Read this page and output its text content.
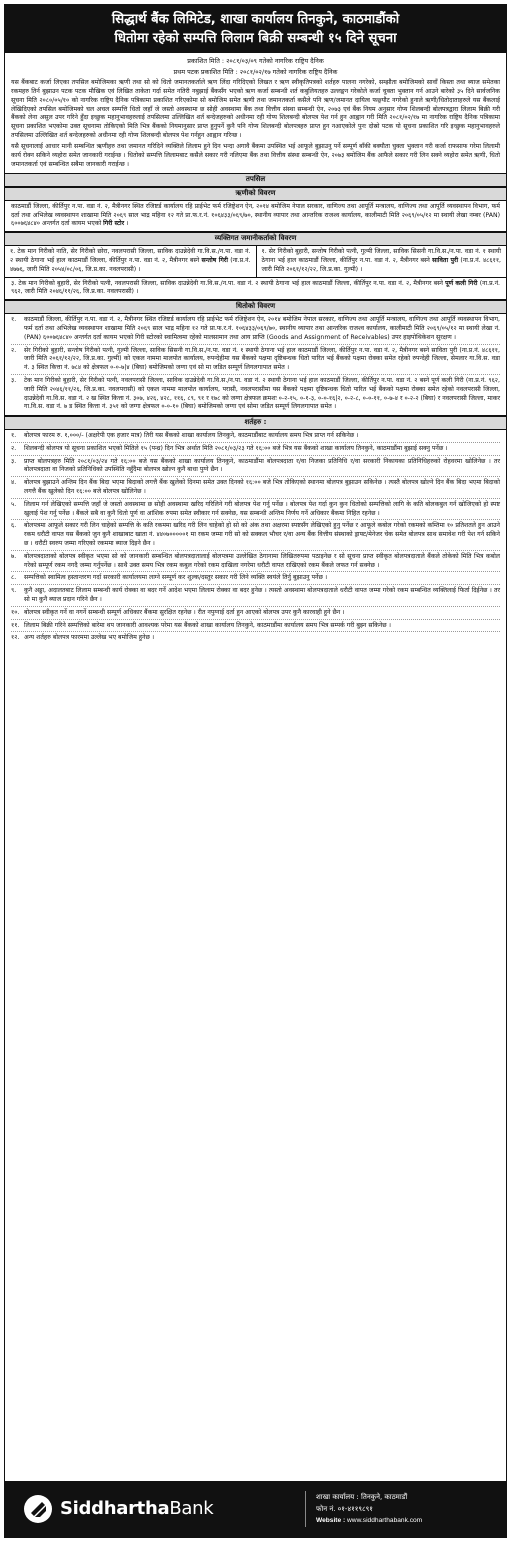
सिद्धार्थ बैंक लिमिटेड, शाखा कार्यालय तिनकुने, काठमाडौंको
धितोमा रहेको सम्पत्ति लिलाम बिक्री सम्बन्धी १५ दिने सूचना
प्रकाशित मिति : २०८१/०३/०९ गतेको नागरिक राष्ट्रिय दैनिक
प्रथम पटक प्रकाशित मिति : २०८१/०२/१७ गतेको नागरिक राष्ट्रिय दैनिक

यस बैंकबाट कर्जा लिएका तपसिल बमोजिमका ऋणी तथा सो को धितो जमानतकर्ताले ऋण लिंदा गरिदिएको लिखत र ऋण स्वीकृतिपत्रको शर्तहरु पालना नगरेको, सम्झौता बमोजिमको सावाँ किस्ता तथा ब्याज समेतका रकमहरु तिर्न बुझाउन पटक पटक मौखिक एवं लिखित ताकेता गर्दा समेत नतिरी नबुझाई बैंकसँग भएको ऋण कर्जा सम्बन्धी शर्त कबुलियतहरु उल्लङ्घन गरेकोले कर्जा चुक्ता भुक्तान गर्न आउने बारेको ३५ दिने सार्वजनिक सूचना मिति २०८०/०५/१० को नागरिक राष्ट्रिय दैनिक पत्रिकामा प्रकाशित गरिएकोमा सो बमोजिम समेत ऋणी तथा जमानतकर्ता कसैले पनि ऋण/जमानत दायित्व फछ्र्यौट नगरेको हुनाले ऋणी/धितोदाताहरुले यस बैंकलाई लेखिदिएको तपसिल बमोजिमको चल अचल सम्पत्ति धितो जहाँ जे जस्तो अवस्थामा छ सोही अवस्थामा बैंक तथा वित्तीय संस्था सम्बन्धी ऐन, २०७३ एवं बैंक नियम अनुसार गोप्य शिलबन्दी बोलपत्रद्वारा लिलाम बिक्री गरी बैंकको लेना असुल उपर गरिने हुँदा इच्छुक महानुभावहरुलाई तपसिलमा उल्लिखित शर्त बन्देजहरुको अधीनमा रही गोप्य शिलबन्दी बोलपत्र पेश गर्न हुन आह्वान गरी मिति २०८१/०२/१७ मा नागरिक राष्ट्रिय दैनिक पत्रिकामा सूचना प्रकाशित भएकोमा उक्त सूचनामा तोकिएको मिति भित्र बैंकको नियमानुसार प्राप्त हुनुपर्ने कुनै पनि गोप्य शिलबन्दी बोलपत्रहरु प्राप्त हुन नआएकोले पुनः दोस्रो पटक यो सूचना प्रकाशित गरि इच्छुक महानुभावहरुले तपसिलमा उल्लिखित शर्त बन्देजहरुको अधीनमा रही गोप्य शिलबन्दी बोलपत्र पेश गर्नहुन आह्वान गरिन्छ ।

यसै सूचनालाई आधार मानी सम्बन्धित ऋणीहरु तथा जमानत गरिदिने व्यक्तिले लिलाम हुने दिन भन्दा अगावै बैंकमा उपस्थित भई आफूले बुझाउनु पर्ने सम्पूर्ण बाँकी बक्यौता चुक्ता भुक्तान गरी कर्जा राफसाफ गरेमा लिलामी कार्य रोक्न सकिने व्यहोरा समेत जानकारी गराईन्छ । धितोको सम्पत्ति लिलामबाट कसैले सकार गरी नलिएमा बैंक तथा वित्तीय संस्था सम्बन्धी ऐन, २०७३ बमोजिम बैंक आफैले सकार गरी लिन सक्ने व्यहोरा समेत ऋणी, धितो जमानतकर्ता एवं सम्बन्धित सबैमा जानकारी गराईन्छ ।

तपसिल
ऋणीको विवरण
काठमाडौं जिल्ला, कीर्तिपुर न.पा. वडा नं. २, मैत्रीनगर स्थित रजिष्टर्ड कार्यालय रहि प्राईभेट फर्म रजिष्ट्रेशन ऐन, २०१४ बमोजिम नेपाल सरकार, वाणिज्य तथा आपूर्ति मन्त्रालय, वाणिज्य तथा आपूर्ति व्यवस्थापन विभाग, फर्म दर्ता तथा अभिलेख व्यवस्थापन शाखामा मिति २०६९ साल भाद्र महिना १२ गते प्रा.फ.र.नं. १०६४३३/०६९/७०, स्थानीय व्यापार तथा आन्तरिक राजश्व कार्यालय, कालीमाटी मिति २०६९/०५/१२ मा स्थायी लेखा नम्बर (PAN) ६००७६४८४० अन्तर्गत दर्ता कायम भएको गिरी स्टोर ।
व्यक्तिगत जमानीकर्ताको विवरण
१. टेक मान गिरीको नाति, सेर गिरीको छोरा, नवलपरासी जिल्ला, साविक दाउन्नेदेवी गा.वि.स./न.पा. वडा नं. २ स्थायी ठेगाना भई हाल काठमाडौं जिल्ला, कीर्तिपुर न.पा. वडा नं. २, मैत्रीनगर बस्ने सन्तोष गिरी (ना.प्र.नं. ४७७६, जारी मिति २०५४/०८/०६, जि.प्र.का. नवलपरासी) ।
१. सेर गिरीको बुहारी, सन्तोष गिरीको पत्नी, गुल्मी जिल्ला, साविक सिसनी गा.वि.स./न.पा. वडा नं. १ स्थायी ठेगाना भई हाल काठमाडौं जिल्ला, कीर्तिपुर न.पा. वडा नं. २, मैत्रीनगर बस्ने साविता पुरी (ना.प्र.नं. ४८६११, जारी मिति २०६१/१२/२२, जि.प्र.का. गुल्मी) ।
३. टेक मान गिरीको बुहारी, सेर गिरीको पत्नी, नवलपरासी जिल्ला, साविक दाउन्नेदेवी गा.वि.स./न.पा. वडा नं. २ स्थायी ठेगाना भई हाल काठमाडौं जिल्ला, कीर्तिपुर न.पा. वडा नं. २, मैत्रीनगर बस्ने पूर्ण कली गिरी (ना.प्र.नं. ९६२, जारी मिति २०४६/११/२६, जि.प्र.का. नवलपरासी) ।
धितोको विवरण
१. काठमाडौं जिल्ला, कीर्तिपुर न.पा. वडा नं. २, मैत्रीनगर स्थित रजिष्टर्ड कार्यालय रहि प्राईभेट फर्म रजिष्ट्रेशन ऐन, २०१४ बमोजिम नेपाल सरकार, वाणिज्य तथा आपूर्ति मन्त्रालय, वाणिज्य तथा आपूर्ति व्यवस्थापन विभाग, फर्म दर्ता तथा अभिलेख व्यवस्थापन शाखामा मिति २०६९ साल भाद्र महिना १२ गते प्रा.फ.र.नं. १०६४३३/०६९/७०, स्थानीय व्यापार तथा आन्तरिक राजश्व कार्यालय, कालीमाटी मिति २०६९/०५/१२ मा स्थायी लेखा नं. (PAN) ६००७६४८४० अन्तर्गत दर्ता कायम भएको गिरी स्टोरको स्वामित्वमा रहेको मालसामान तथा आय प्राप्ति (Goods and Assignment of Receivables) उपर हाइपोथिकेशन सुरक्षण ।
२. सेर गिरीको बुहारी, सन्तोष गिरीको पत्नी, गुल्मी जिल्ला, साविक सिसनी गा.वि.स./न.पा. वडा नं. १ स्थायी ठेगाना भई हाल काठमाडौं जिल्ला, कीर्तिपुर न.पा. वडा नं. २, मैत्रीनगर बस्ने साविता पुरी (ना.प्र.नं. ४८६११, जारी मिति २०६१/१२/२२, जि.प्र.का. गुल्मी) को एकल नाममा मालपोत कार्यालय, रुपन्देहीमा यस बैंकको पक्षमा दृष्टिबन्धक धितो पारित भई बैंकको पक्षमा रोक्का समेत रहेको रुपन्देही जिल्ला, सेमलार गा.वि.स. वडा नं. ३ स्थित कित्ता नं. ७८४ को क्षेत्रफल ०-०-७|४ (बिघा) बमोजिमको जग्गा एवं सो मा जडित सम्पूर्ण लिगलगापात समेत ।
३. टेक मान गिरीको बुहारी, सेर गिरीको पत्नी, नवलपरासी जिल्ला, साविक दाउन्नेदेवी गा.वि.स./न.पा. वडा नं. २ स्थायी ठेगाना भई हाल काठमाडौं जिल्ला, कीर्तिपुर न.पा. वडा नं. २ बस्ने पूर्ण कली गिरी (ना.प्र.नं. ९६२, जारी मिति २०४६/११/२६, जि.प्र.का. नवलपरासी) को एकल नाममा मालपोत कार्यालय, परासी, नवलपरासीमा यस बैंकको पक्षमा दृष्टिबन्धक धितो पारित भई बैंकको पक्षमा रोक्का समेत रहेको नवलपरासी जिल्ला, दाउन्नेदेवी गा.वि.स. वडा नं. २ ख स्थित कित्ता नं. ३०७, ४२६, ४२८, ११६, ८९, ९१ र १७८ को जग्गा क्षेत्रफल क्रमशः ०-२-१५, ०-१-३, ०-०-१६|२, ०-२-८, ०-०-११, ०-७-४ र ०-२-२ (बिघा) र नवलपरासी जिल्ला, माकर गा.वि.स. वडा नं. ७ ड स्थित कित्ता नं. ३५१ को जग्गा क्षेत्रफल ०-०-१० (बिघा) बमोजिमको जग्गा एवं सोमा जडित सम्पूर्ण लिगलगापात समेत ।
शर्तहरु :
१. बोलपत्र फारम रु. १,०००/- (अक्षरेपी एक हजार मात्र) तिरी यस बैंकको शाखा कार्यालय तिनकुने, काठमाडौंबाट कार्यालय समय भित्र प्राप्त गर्न सकिनेछ ।
२. शिलबन्दी बोलपत्र यो सूचना प्रकाशित भएको मितिले १५ (पन्ध्र) दिन भित्र अर्थात मिति २०८१/०३/२३ गते १६:०० बजे भित्र यस बैंकको शाखा कार्यालय तिनकुने, काठमाडौंमा बुझाई सक्नु पर्नेछ ।
३. प्राप्त बोलपत्रहरु मिति २०८१/०३/२४ गते १६:०० बजे यस बैंकको शाखा कार्यालय तिनकुने, काठमाडौंमा बोलपत्रदाता र/वा निजका प्रतिनिधि र/वा सरकारी निकायका प्रतिनिधिहरुको रोहवरमा खोलिनेछ । तर बोलपत्रदाता वा निजको प्रतिनिधिको उपस्थिति नहुँदैमा बोलपत्र खोल्न कुनै बाधा पुग्ने छैन ।
४. बोलपत्र बुझाउने अन्तिम दिन बैंक बिदा भएमा बिदाको लगत्तै बैंक खुलेको दिनमा समेत उक्त दिनको १६:०० बजे भित्र तोकिएको स्थानमा बोलपत्र बुझाउन सकिनेछ । त्यस्तै बोलपत्र खोल्ने दिन बैंक बिदा भएमा बिदाको लगत्तै बैंक खुलेको दिन १६:०० बजे बोलपत्र खोलिनेछ ।
५. लिलाम गर्न लेखिएको सम्पत्ति जहाँ जे जस्तो अवस्थामा छ सोही अवस्थामा खरिद गरिलिने गरी बोलपत्र पेश गर्नु पर्नेछ । बोलपत्र पेश गर्दा कुन कुन धितोको सम्पत्तिको लागि के कति बोलकबुल गर्न खोजिएको हो स्पष्ट खुलाई पेश गर्नु पर्नेछ । बैंकले सबै वा कुनै धितो पूर्ण वा आंशिक रुपमा समेत स्वीकार गर्न सक्नेछ, यस सम्बन्धी अन्तिम निर्णय गर्ने अधिकार बैंकमा निहित रहनेछ ।
६. बोलपत्रमा आफूले सकार गरी लिन चाहेको सम्पत्ति के कति रकममा खरिद गरी लिन चाहेको हो सो को अंक तथा अक्षरमा स्पष्टसँग लेखिएको हुनु पर्नेछ र आफूले कबोल गरेको रकमको कम्तिमा १० प्रतिशतले हुन आउने रकम धरौटी वापत यस बैंकको जुन कुनै शाखाबाट खाता नं. ४४०७०००००१ मा रकम जम्मा गरी सो को सक्कल भौचर र/वा अन्य बैंक वित्तीय संस्थाको ड्राफ्ट/मेनेजर चेक समेत बोलपत्र साथ समावेश गरी पेश गर्न सकिने छ । धरौटी स्वरुप जम्मा गरिएको रकममा ब्याज दिइने छैन ।
७. बोलपत्रदाताको बोलपत्र स्वीकृत भएमा सो को जानकारी सम्बन्धित बोलपत्रदातालाई बोलपत्रमा उल्लेखित ठेगानामा लिखितरुपमा पठाइनेछ र सो सूचना प्राप्त स्वीकृत बोलपत्रदाताले बैंकले तोकेको मिति भित्र कबोल गरेको सम्पूर्ण रकम नगदै जम्मा गर्नुपर्नेछ । साथै उक्त समय भित्र रकम कबुल गरेको रकम दाखिला नगरेमा धरौटी वापत राखिएको रकम बैंकले जफत गर्न सक्नेछ ।
८. सम्पत्तिको स्वामित्व हस्तान्तरण गर्दा सरकारी कार्यालयमा लाग्ने सम्पूर्ण कर शुल्क/दस्तुर सकार गरी लिने व्यक्ति स्वयंले तिर्नु बुझाउनु पर्नेछ ।
९. कुनै अड्डा, अदालतबाट लिलाम सम्बन्धी कार्य रोक्का वा बदर गर्ने आदेश भएमा लिलाम रोक्का वा बदर हुनेछ । त्यस्तो अवस्थामा बोलपत्रदाताले धरौटी वापत जम्मा गरेको रकम सम्बन्धित व्यक्तिलाई फिर्ता दिईनेछ । तर सो मा कुनै ब्याज प्रदान गरिने छैन ।
१०. बोलपत्र स्वीकृत गर्ने वा नगर्ने सम्बन्धी सम्पूर्ण अधिकार बैंकमा सुरक्षित रहनेछ । रीत नपुग्नाई दर्ता हुन आएको बोलपत्र उपर कुनै कारवाही हुने छैन ।
११. लिलाम बिक्री गरिने सम्पत्तिको बारेमा थप जानकारी आवश्यक परेमा यस बैंकको शाखा कार्यालय तिनकुने, काठमाडौंमा कार्यालय समय भित्र सम्पर्क गरी बुझ्न सकिनेछ ।
१२. अन्य शर्तहरु बोलपत्र फारममा उल्लेख भए बमोजिम हुनेछ ।
SiddharthaBank
शाखा कार्यालय : तिनकुने, काठमाडौं
फोन नं. ०१-४११९८९१
Website : www.siddharthabank.com
